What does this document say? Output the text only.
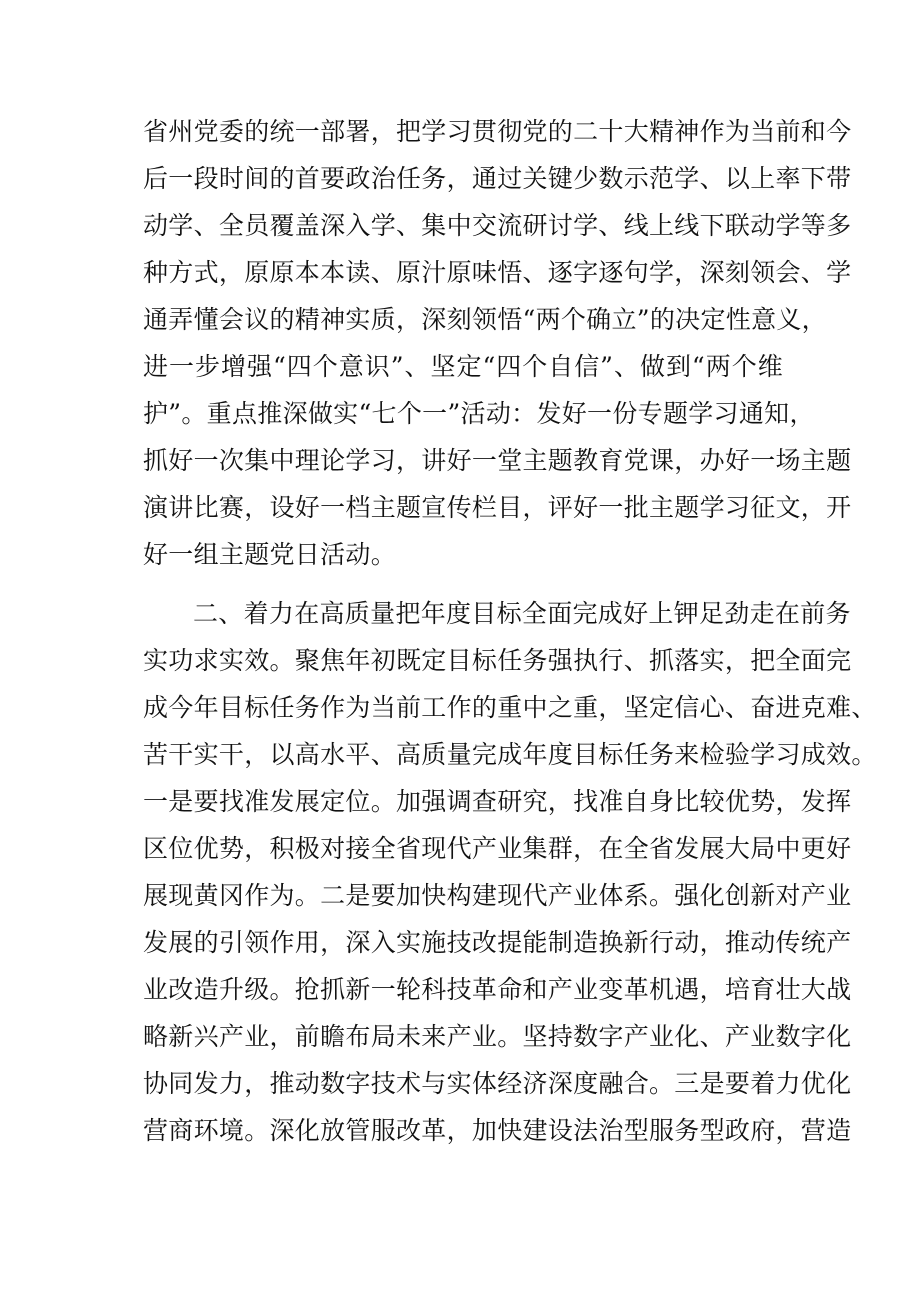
省州党委的统一部署，把学习贯彻党的二十大精神作为当前和今
后一段时间的首要政治任务，通过关键少数示范学、以上率下带
动学、全员覆盖深入学、集中交流研讨学、线上线下联动学等多
种方式，原原本本读、原汁原味悟、逐字逐句学，深刻领会、学
通弄懂会议的精神实质，深刻领悟“两个确立”的决定性意义，
进一步增强“四个意识”、坚定“四个自信”、做到“两个维
护”。重点推深做实“七个一”活动：发好一份专题学习通知，
抓好一次集中理论学习，讲好一堂主题教育党课，办好一场主题
演讲比赛，设好一档主题宣传栏目，评好一批主题学习征文，开
好一组主题党日活动。
二、着力在高质量把年度目标全面完成好上钾足劲走在前务
实功求实效。聚焦年初既定目标任务强执行、抓落实，把全面完
成今年目标任务作为当前工作的重中之重，坚定信心、奋进克难、
苦干实干，以高水平、高质量完成年度目标任务来检验学习成效。
一是要找准发展定位。加强调查研究，找准自身比较优势，发挥
区位优势，积极对接全省现代产业集群，在全省发展大局中更好
展现黄冈作为。二是要加快构建现代产业体系。强化创新对产业
发展的引领作用，深入实施技改提能制造换新行动，推动传统产
业改造升级。抢抓新一轮科技革命和产业变革机遇，培育壮大战
略新兴产业，前瞻布局未来产业。坚持数字产业化、产业数字化
协同发力，推动数字技术与实体经济深度融合。三是要着力优化
营商环境。深化放管服改革，加快建设法治型服务型政府，营造
